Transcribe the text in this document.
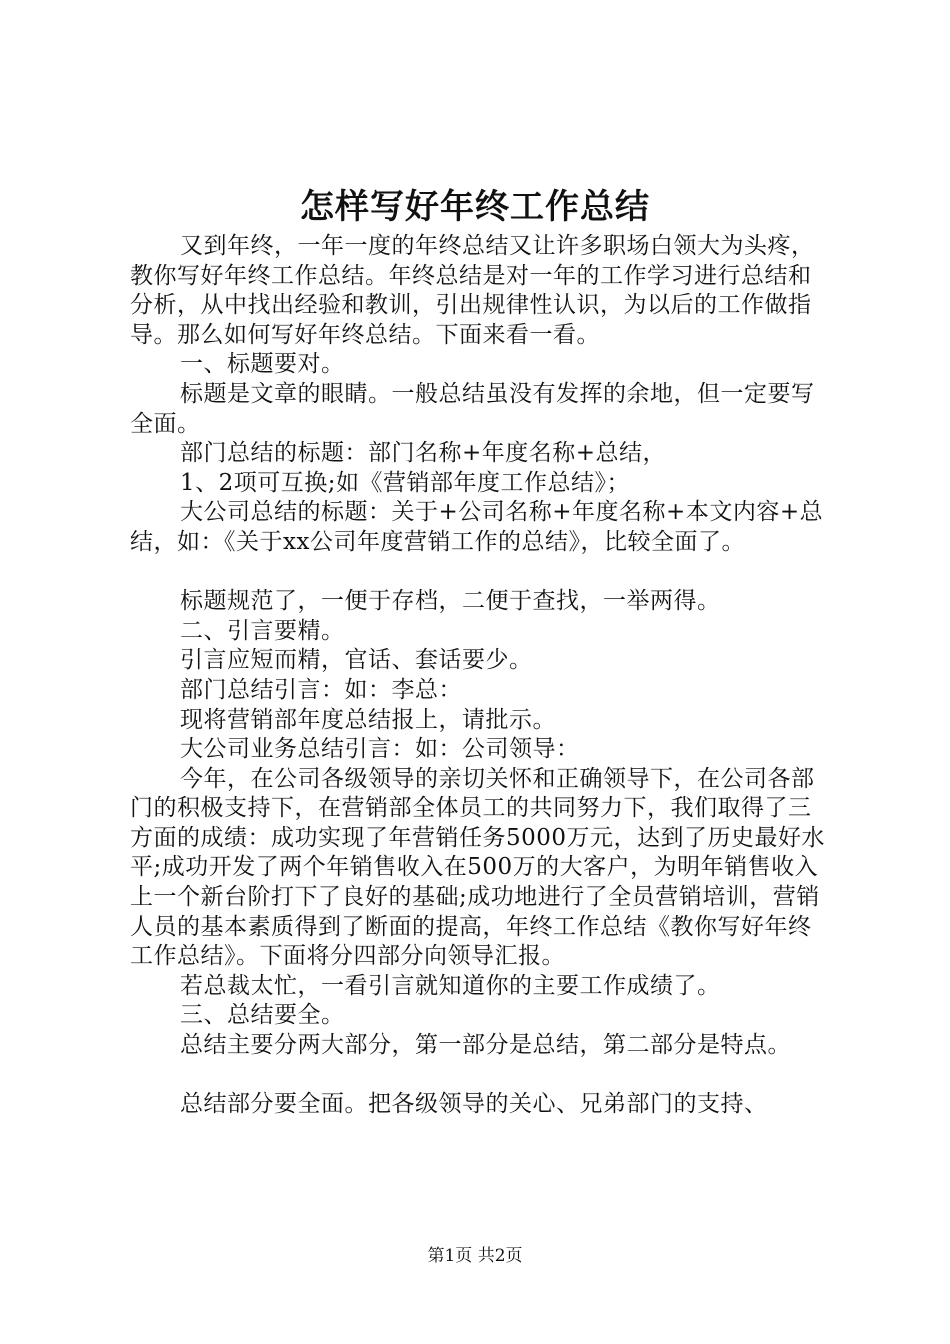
怎样写好年终工作总结

又到年终，一年一度的年终总结又让许多职场白领大为头疼，教你写好年终工作总结。年终总结是对一年的工作学习进行总结和分析，从中找出经验和教训，引出规律性认识，为以后的工作做指导。那么如何写好年终总结。下面来看一看。

一、标题要对。

标题是文章的眼睛。一般总结虽没有发挥的余地，但一定要写全面。

部门总结的标题：部门名称+年度名称+总结，

1、2项可互换;如《营销部年度工作总结》；

大公司总结的标题：关于+公司名称+年度名称+本文内容+总结，如：《关于xx公司年度营销工作的总结》，比较全面了。

标题规范了，一便于存档，二便于查找，一举两得。

二、引言要精。

引言应短而精，官话、套话要少。

部门总结引言：如：李总：

现将营销部年度总结报上，请批示。

大公司业务总结引言：如：公司领导：

今年，在公司各级领导的亲切关怀和正确领导下，在公司各部门的积极支持下，在营销部全体员工的共同努力下，我们取得了三方面的成绩：成功实现了年营销任务5000万元，达到了历史最好水平;成功开发了两个年销售收入在500万的大客户，为明年销售收入上一个新台阶打下了良好的基础;成功地进行了全员营销培训，营销人员的基本素质得到了断面的提高，年终工作总结《教你写好年终工作总结》。下面将分四部分向领导汇报。

若总裁太忙，一看引言就知道你的主要工作成绩了。

三、总结要全。

总结主要分两大部分，第一部分是总结，第二部分是特点。

总结部分要全面。把各级领导的关心、兄弟部门的支持、

第1页 共2页
